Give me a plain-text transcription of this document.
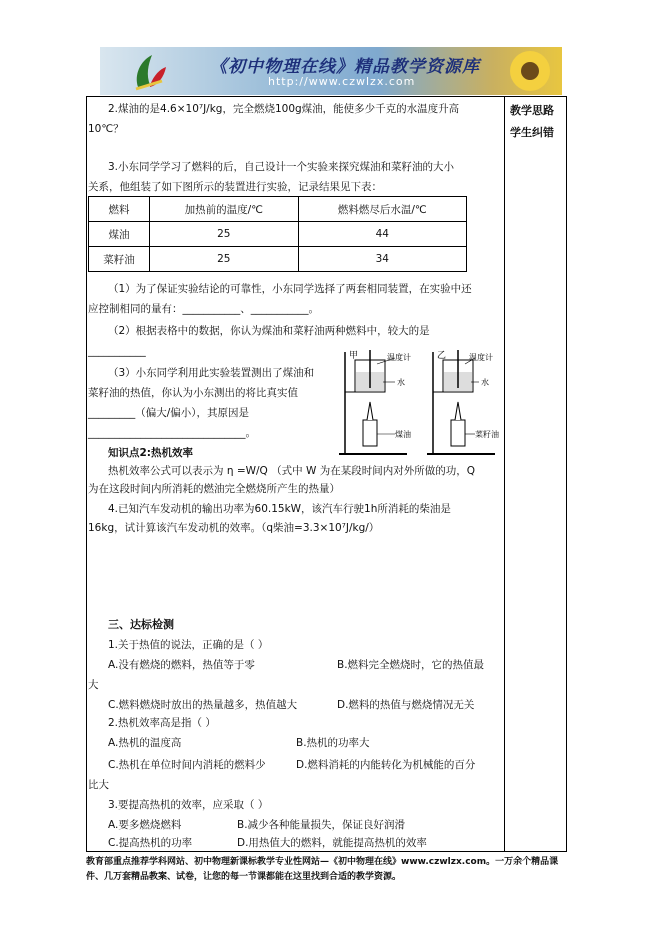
《初中物理在线》精品教学资源库
http://www.czwlzx.com
教学思路
学生纠错
2.煤油的是4.6×10⁷J/kg，完全燃烧100g煤油，能使多少千克的水温度升高
10℃？
3.小东同学学习了燃料的后，自己设计一个实验来探究煤油和菜籽油的大小
关系，他组装了如下图所示的装置进行实验，记录结果见下表：
燃料	加热前的温度/℃	燃料燃尽后水温/℃
煤油	25	44
菜籽油	25	34
（1）为了保证实验结论的可靠性，小东同学选择了两套相同装置，在实验中还
应控制相同的量有：___________、___________。
（2）根据表格中的数据，你认为煤油和菜籽油两种燃料中，较大的是
___________
（3）小东同学利用此实验装置测出了煤油和
菜籽油的热值，你认为小东测出的将比真实值
_________（偏大/偏小），其原因是
______________________________。
甲	温度计
水
煤油
乙	温度计
水
菜籽油
知识点2:热机效率
热机效率公式可以表示为 η =W/Q （式中 W 为在某段时间内对外所做的功，Q
为在这段时间内所消耗的燃油完全燃烧所产生的热量）
4.已知汽车发动机的输出功率为60.15kW，该汽车行驶1h所消耗的柴油是
16kg，试计算该汽车发动机的效率。（q柴油=3.3×10⁷J/kg/）
三、达标检测
1.关于热值的说法，正确的是（ ）
A.没有燃烧的燃料，热值等于零	B.燃料完全燃烧时，它的热值最
大
C.燃料燃烧时放出的热量越多，热值越大	D.燃料的热值与燃烧情况无关
2.热机效率高是指（ ）
A.热机的温度高	B.热机的功率大
C.热机在单位时间内消耗的燃料少	D.燃料消耗的内能转化为机械能的百分
比大
3.要提高热机的效率，应采取（ ）
A.要多燃烧燃料	B.减少各种能量损失，保证良好润滑
C.提高热机的功率	D.用热值大的燃料，就能提高热机的效率
教育部重点推荐学科网站、初中物理新课标教学专业性网站—《初中物理在线》www.czwlzx.com。一万余个精品课
件、几万套精品教案、试卷，让您的每一节课都能在这里找到合适的教学资源。
